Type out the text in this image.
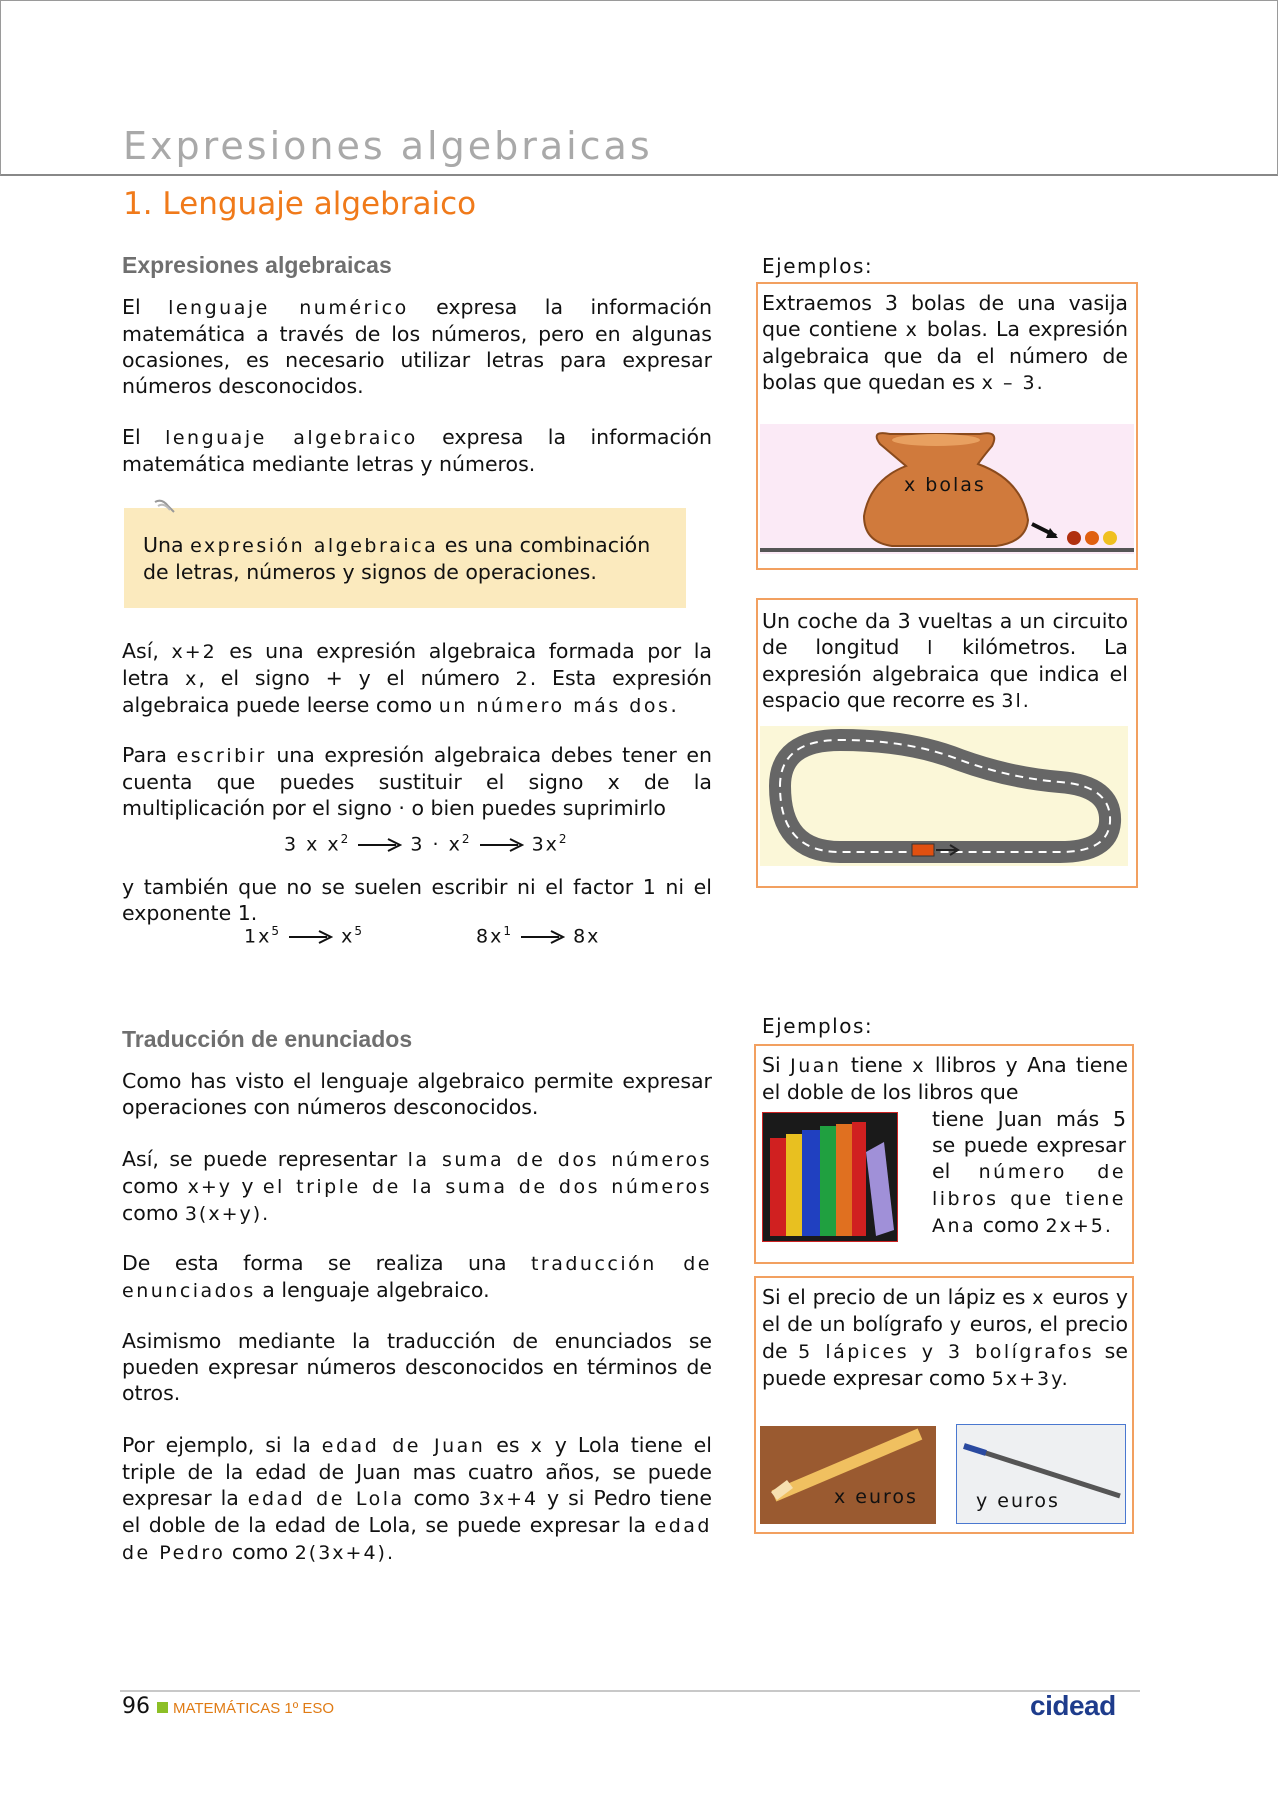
Expresiones algebraicas
1. Lenguaje algebraico
Expresiones algebraicas
El lenguaje numérico expresa la información matemática a través de los números, pero en algunas ocasiones, es necesario utilizar letras para expresar números desconocidos.
El lenguaje algebraico expresa la información matemática mediante letras y números.
Una expresión algebraica es una combinación de letras, números y signos de operaciones.
Así, x+2 es una expresión algebraica formada por la letra x, el signo + y el número 2. Esta expresión algebraica puede leerse como un número más dos.
Para escribir una expresión algebraica debes tener en cuenta que puedes sustituir el signo x de la multiplicación por el signo · o bien puedes suprimirlo
3 x $x^2$	$3 \cdot x^2$	$3x^2$
y también que no se suelen escribir ni el factor 1 ni el exponente 1.
$1x^5$	$x^5$	$8x^1$	8x
Traducción de enunciados
Como has visto el lenguaje algebraico permite expresar operaciones con números desconocidos.
Así, se puede representar la suma de dos números como x+y y el triple de la suma de dos números como 3(x+y).
De esta forma se realiza una traducción de enunciados a lenguaje algebraico.
Asimismo mediante la traducción de enunciados se pueden expresar números desconocidos en términos de otros.
Por ejemplo, si la edad de Juan es x y Lola tiene el triple de la edad de Juan mas cuatro años, se puede expresar la edad de Lola como 3x+4 y si Pedro tiene el doble de la edad de Lola, se puede expresar la edad de Pedro como 2(3x+4).
Ejemplos:
Extraemos 3 bolas de una vasija que contiene x bolas. La expresión algebraica que da el número de bolas que quedan es x – 3.
x bolas
Un coche da 3 vueltas a un circuito de longitud l kilómetros. La expresión algebraica que indica el espacio que recorre es 3l.
Ejemplos:
Si Juan tiene x llibros y Ana tiene el doble de los libros que
tiene Juan más 5 se puede expresar el número de libros que tiene Ana como 2x+5.
Si el precio de un lápiz es x euros y el de un bolígrafo y euros, el precio de 5 lápices y 3 bolígrafos se puede expresar como 5x+3y.
x euros	y euros
96 MATEMÁTICAS 1º ESO	cidead
